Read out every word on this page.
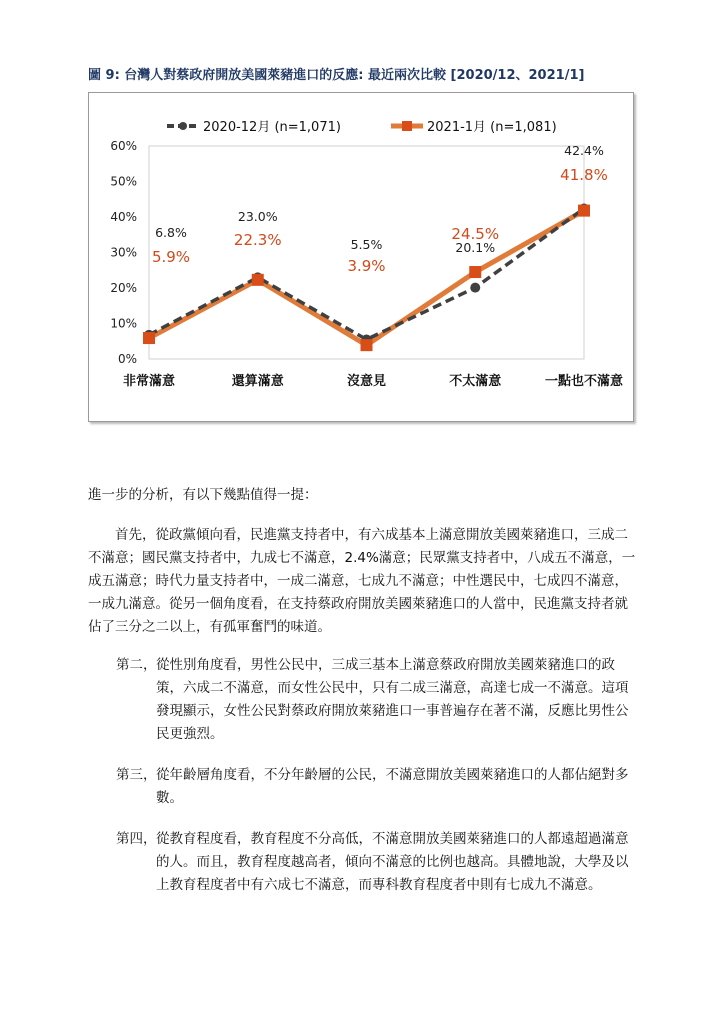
圖 9: 台灣人對蔡政府開放美國萊豬進口的反應: 最近兩次比較 [2020/12、2021/1]
0%
10%
20%
30%
40%
50%
60%
非常滿意	還算滿意	沒意見	不太滿意	一點也不滿意
2020-12月 (n=1,071)	2021-1月 (n=1,081)
6.8%
23.0%
5.5%	20.1%
42.4%
5.9%
22.3%
3.9%
24.5%
41.8%
進一步的分析，有以下幾點值得一提：
首先，從政黨傾向看，民進黨支持者中，有六成基本上滿意開放美國萊豬進口，三成二不滿意；國民黨支持者中，九成七不滿意，2.4%滿意；民眾黨支持者中，八成五不滿意，一成五滿意；時代力量支持者中，一成二滿意，七成九不滿意；中性選民中，七成四不滿意，一成九滿意。從另一個角度看，在支持蔡政府開放美國萊豬進口的人當中，民進黨支持者就佔了三分之二以上，有孤軍奮鬥的味道。
第二， 從性別角度看，男性公民中，三成三基本上滿意蔡政府開放美國萊豬進口的政策，六成二不滿意，而女性公民中，只有二成三滿意，高達七成一不滿意。這項發現顯示，女性公民對蔡政府開放萊豬進口一事普遍存在著不滿，反應比男性公民更強烈。
第三， 從年齡層角度看，不分年齡層的公民，不滿意開放美國萊豬進口的人都佔絕對多數。
第四， 從教育程度看，教育程度不分高低，不滿意開放美國萊豬進口的人都遠超過滿意的人。而且，教育程度越高者，傾向不滿意的比例也越高。具體地說，大學及以上教育程度者中有六成七不滿意，而專科教育程度者中則有七成九不滿意。
